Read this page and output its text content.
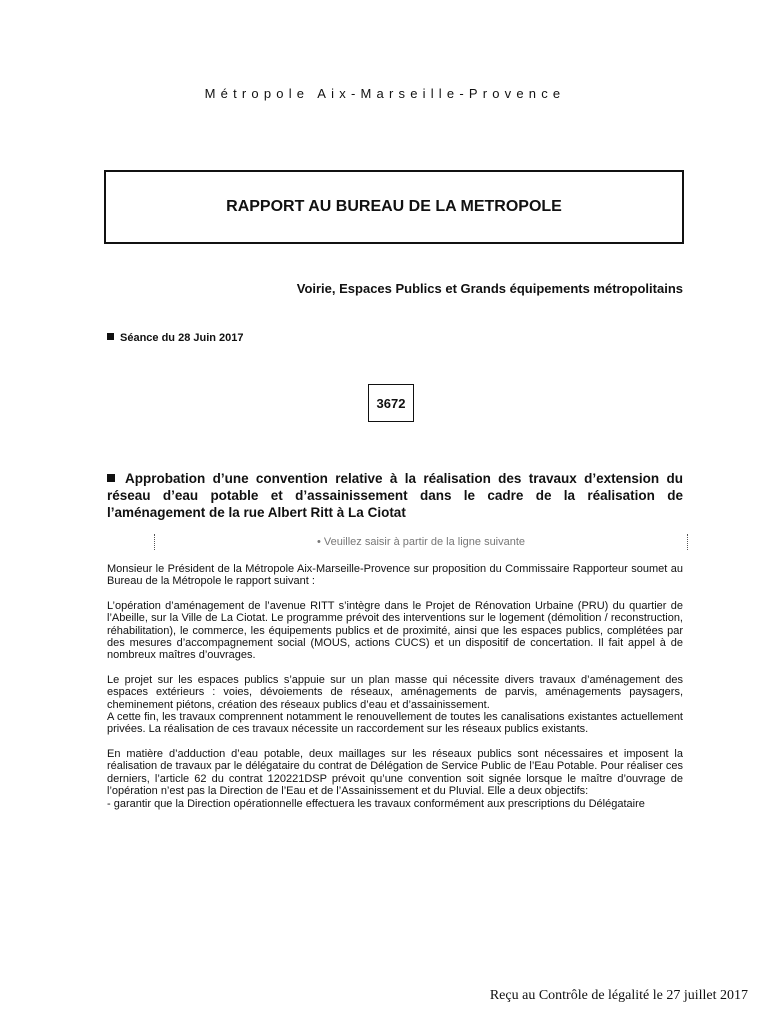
Métropole Aix-Marseille-Provence
RAPPORT AU BUREAU DE LA METROPOLE
Voirie, Espaces Publics et Grands équipements métropolitains
Séance du 28 Juin 2017
3672
Approbation d’une convention relative à la réalisation des travaux d’extension du réseau d’eau potable et d’assainissement dans le cadre de la réalisation de l’aménagement de la rue Albert Ritt à La Ciotat
• Veuillez saisir à partir de la ligne suivante

Monsieur le Président de la Métropole Aix-Marseille-Provence sur proposition du Commissaire Rapporteur soumet au Bureau de la Métropole le rapport suivant :

L’opération d’aménagement de l’avenue RITT s’intègre dans le Projet de Rénovation Urbaine (PRU) du quartier de l’Abeille, sur la Ville de La Ciotat. Le programme prévoit des interventions sur le logement (démolition / reconstruction, réhabilitation), le commerce, les équipements publics et de proximité, ainsi que les espaces publics, complétées par des mesures d’accompagnement social (MOUS, actions CUCS) et un dispositif de concertation. Il fait appel à de nombreux maîtres d’ouvrages.

Le projet sur les espaces publics s’appuie sur un plan masse qui nécessite divers travaux d’aménagement des espaces extérieurs : voies, dévoiements de réseaux, aménagements de parvis, aménagements paysagers, cheminement piétons, création des réseaux publics d’eau et d’assainissement.

A cette fin, les travaux comprennent notamment le renouvellement de toutes les canalisations existantes actuellement privées. La réalisation de ces travaux nécessite un raccordement sur les réseaux publics existants.

En matière d’adduction d’eau potable, deux maillages sur les réseaux publics sont nécessaires et imposent la réalisation de travaux par le délégataire du contrat de Délégation de Service Public de l’Eau Potable. Pour réaliser ces derniers, l’article 62 du contrat 120221DSP prévoit qu’une convention soit signée lorsque le maître d’ouvrage de l’opération n’est pas la Direction de l’Eau et de l’Assainissement et du Pluvial. Elle a deux objectifs:

- garantir que la Direction opérationnelle effectuera les travaux conformément aux prescriptions du Délégataire

Reçu au Contrôle de légalité le 27 juillet 2017
